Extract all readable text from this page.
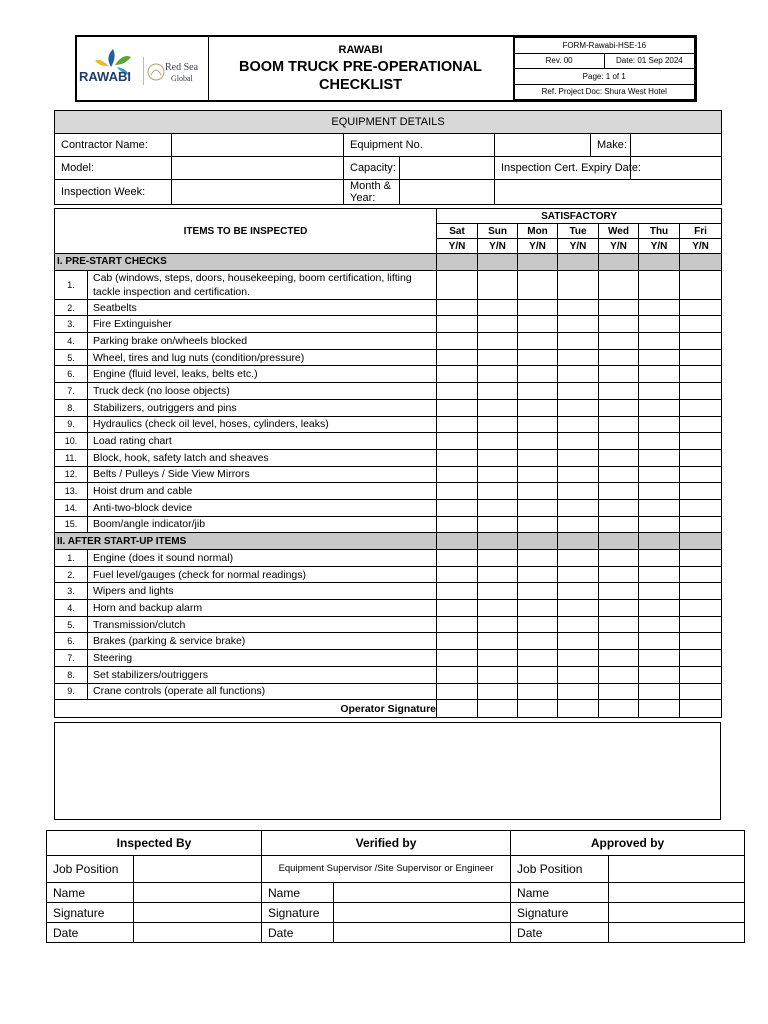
RAWABI
Red Sea
Global

RAWABI
BOOM TRUCK PRE-OPERATIONAL
CHECKLIST

FORM-Rawabi-HSE-16
Rev. 00	Date: 01 Sep 2024
Page: 1 of 1
Ref. Project Doc: Shura West Hotel
EQUIPMENT DETAILS						
Contractor Name:		Equipment No.			Make:	
Model:		Capacity:		Inspection Cert. Expiry Date:		
Inspection Week:		Month & Year:				
ITEMS TO BE INSPECTED		SATISFACTORY						
		Sat	Sun	Mon	Tue	Wed	Thu	Fri
		Y/N	Y/N	Y/N	Y/N	Y/N	Y/N	Y/N
I. PRE-START CHECKS								
1.	Cab (windows, steps, doors, housekeeping, boom certification, lifting tackle inspection and certification.							
2.	Seatbelts							
3.	Fire Extinguisher							
4.	Parking brake on/wheels blocked							
5.	Wheel, tires and lug nuts (condition/pressure)							
6.	Engine (fluid level, leaks, belts etc.)							
7.	Truck deck (no loose objects)							
8.	Stabilizers, outriggers and pins							
9.	Hydraulics (check oil level, hoses, cylinders, leaks)							
10.	Load rating chart							
11.	Block, hook, safety latch and sheaves							
12.	Belts / Pulleys / Side View Mirrors							
13.	Hoist drum and cable							
14.	Anti-two-block device							
15.	Boom/angle indicator/jib							
II. AFTER START-UP ITEMS								
1.	Engine (does it sound normal)							
2.	Fuel level/gauges (check for normal readings)							
3.	Wipers and lights							
4.	Horn and backup alarm							
5.	Transmission/clutch							
6.	Brakes (parking & service brake)							
7.	Steering							
8.	Set stabilizers/outriggers							
9.	Crane controls (operate all functions)							
Operator Signature								
Inspected By		Verified by		Approved by	
Job Position		Equipment Supervisor /Site Supervisor or Engineer		Job Position	
Name		Name		Name	
Signature		Signature		Signature	
Date		Date		Date	
